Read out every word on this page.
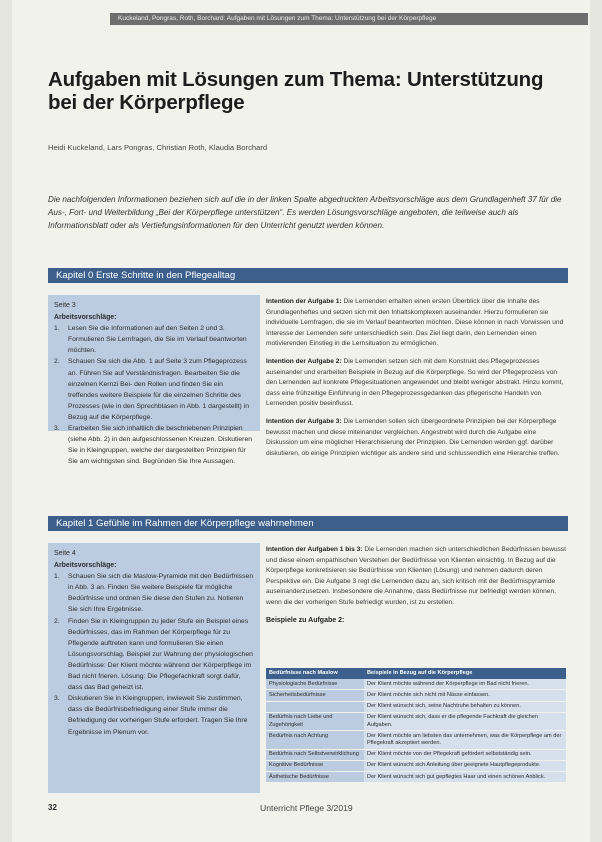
Kuckeland, Pongras, Roth, Borchard: Aufgaben mit Lösungen zum Thema: Unterstützung bei der Körperpflege
Aufgaben mit Lösungen zum Thema: Unterstützung bei der Körperpflege
Heidi Kuckeland, Lars Pongras, Christian Roth, Klaudia Borchard

Die nachfolgenden Informationen beziehen sich auf die in der linken Spalte abgedruckten Arbeitsvorschläge aus dem Grundlagenheft 37 für die Aus-, Fort- und Weiterbildung „Bei der Körperpflege unterstützen“. Es werden Lösungsvorschläge angeboten, die teilweise auch als Informationsblatt oder als Vertiefungsinformationen für den Unterricht genutzt werden können.

Kapitel 0 Erste Schritte in den Pflegealltag
Seite 3
Arbeitsvorschläge:
1.	Lesen Sie die Informationen auf den Seiten 2 und 3. Formulieren Sie Lernfragen, die Sie im Verlauf beantworten möchten.
2.	Schauen Sie sich die Abb. 1 auf Seite 3 zum Pflegeprozess an. Führen Sie auf Verständnisfragen. Bearbeiten Sie die einzelnen Kernzi Bei- den Rollen und finden Sie ein treffendes weitere Beispiele für die einzelnen Schritte des Prozesses (wie in den Sprechblasen in Abb. 1 dargestellt) in Bezug auf die Körperpflege.
3.	Erarbeiten Sie sich inhaltlich die beschriebenen Prinzipien (siehe Abb. 2) in den aufgeschlossenen Kreuzen. Diskutieren Sie in Kleingruppen, welche der dargestellten Prinzipien für Sie am wichtigsten sind. Begründen Sie Ihre Aussagen.

Intention der Aufgabe 1: Die Lernenden erhalten einen ersten Überblick über die Inhalte des Grundlagenheftes und setzen sich mit den Inhaltskomplexen auseinander. Hierzu formulieren sie individuelle Lernfragen, die sie im Verlauf beantworten möchten. Diese können in nach Vorwissen und Interesse der Lernenden sehr unterschiedlich sein. Das Ziel liegt darin, den Lernenden einen motivierenden Einstieg in die Lernsituation zu ermöglichen.

Intention der Aufgabe 2: Die Lernenden setzen sich mit dem Konstrukt des Pflegeprozesses auseinander und erarbeiten Beispiele in Bezug auf die Körperpflege. So wird der Pflegeprozess von den Lernenden auf konkrete Pflegesituationen angewendet und bleibt weniger abstrakt. Hinzu kommt, dass eine frühzeitige Einführung in den Pflegeprozessgedanken das pflegerische Handeln von Lernenden positiv beeinflusst.

Intention der Aufgabe 3: Die Lernenden sollen sich übergeordnete Prinzipien bei der Körperpflege bewusst machen und diese miteinander vergleichen. Angestrebt wird durch die Aufgabe eine Diskussion um eine möglicher Hierarchisierung der Prinzipien. Die Lernenden werden ggf. darüber diskutieren, ob einige Prinzipien wichtiger als andere sind und schlussendlich eine Hierarchie treffen.

Kapitel 1 Gefühle im Rahmen der Körperpflege wahrnehmen
Seite 4
Arbeitsvorschläge:
1.	Schauen Sie sich die Maslow-Pyramide mit den Bedürfnissen in Abb. 3 an. Finden Sie weitere Beispiele für mögliche Bedürfnisse und ordnen Sie diese den Stufen zu. Notieren Sie sich Ihre Ergebnisse.
2.	Finden Sie in Kleingruppen zu jeder Stufe ein Beispiel eines Bedürfnisses, das im Rahmen der Körperpflege für zu Pflegende auftreten kann und formulieren Sie einen Lösungsvorschlag. Beispiel zur Wahrung der physiologischen Bedürfnisse: Der Klient möchte während der Körperpflege im Bad nicht frieren. Lösung: Die Pflegefachkraft sorgt dafür, dass das Bad geheizt ist.
3.	Diskutieren Sie in Kleingruppen, inwieweit Sie zustimmen, dass die Bedürfnisbefriedigung einer Stufe immer die Befriedigung der vorherigen Stufe erfordert. Tragen Sie Ihre Ergebnisse im Plenum vor.

Intention der Aufgaben 1 bis 3: Die Lernenden machen sich unterschiedlichen Bedürfnissen bewusst und diese einem empathischen Verstehen der Bedürfnisse von Klienten einsichtig. In Bezug auf die Körperpflege konkretisieren sie Bedürfnisse von Klienten (Lösung) und nehmen dadurch deren Perspektive ein. Die Aufgabe 3 regt die Lernenden dazu an, sich kritisch mit der Bedürfnispyramide auseinanderzusetzen. Insbesondere die Annahme, dass Bedürfnisse nur befriedigt werden können, wenn die der vorherigen Stufe befriedigt wurden, ist zu erstellen.

Beispiele zu Aufgabe 2:
Bedürfnisse nach Maslow	Beispiele in Bezug auf die Körperpflege
Physiologische Bedürfnisse	Der Klient möchte während der Körperpflege im Bad nicht frieren.
Sicherheitsbedürfnisse	Der Klient möchte sich nicht mit Nässe einfassen.
	Der Klient wünscht sich, seine Nachtruhe behalten zu können.
Bedürfnis nach Liebe und Zugehörigkeit	Der Klient wünscht sich, dass er die pflegende Fachkraft die gleichen Aufgaben.
Bedürfnis nach Achtung	Der Klient möchte am liebsten das unternehmen, was die Körperpflege am der Pflegekraft akzeptiert werden.
Bedürfnis nach Selbstverwirklichung	Der Klient möchte von der Pflegekraft gefördert selbstständig sein.
Kognitive Bedürfnisse	Der Klient wünscht sich Anleitung über geeignete Hautpflegeprodukte.
Ästhetische Bedürfnisse	Der Klient wünscht sich gut gepflegtes Haar und einen schönen Anblick.
32	Unterricht Pflege 3/2019
